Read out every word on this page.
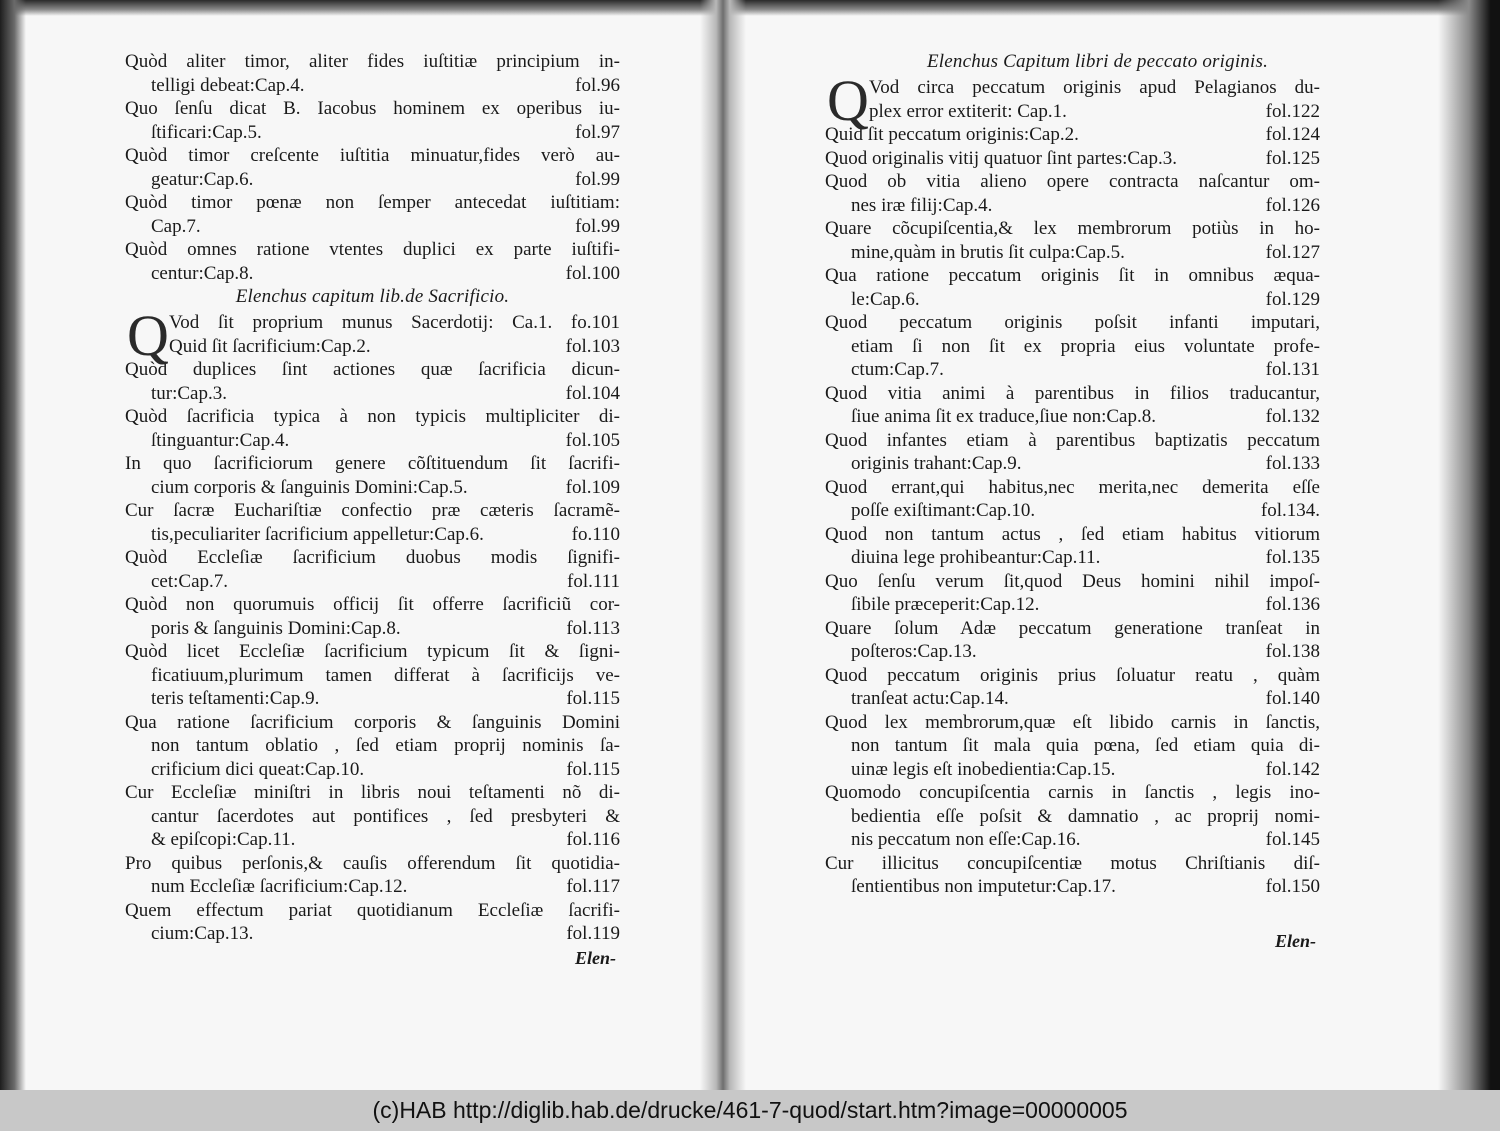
Quòd aliter timor, aliter fides iuſtitiæ principium in-
telligi debeat:Cap.4.	fol.96
Quo ſenſu dicat B. Iacobus hominem ex operibus iu-
ſtificari:Cap.5.	fol.97
Quòd timor creſcente iuſtitia minuatur,fides verò au-
geatur:Cap.6.	fol.99
Quòd timor pœnæ non ſemper antecedat iuſtitiam:
Cap.7.	fol.99
Quòd omnes ratione vtentes duplici ex parte iuſtifi-
centur:Cap.8.	fol.100
Elenchus capitum lib.de Sacrificio.
Q Vod ſit proprium munus Sacerdotij: Ca.1. fo.101
Quid ſit ſacrificium:Cap.2.	fol.103
Quòd duplices ſint actiones quæ ſacrificia dicun-
tur:Cap.3.	fol.104
Quòd ſacrificia typica à non typicis multipliciter di-
ſtinguantur:Cap.4.	fol.105
In quo ſacrificiorum genere cõſtituendum ſit ſacrifi-
cium corporis & ſanguinis Domini:Cap.5.	fol.109
Cur ſacræ Euchariſtiæ confectio præ cæteris ſacramẽ-
tis,peculiariter ſacrificium appelletur:Cap.6.	fo.110
Quòd Eccleſiæ ſacrificium duobus modis ſignifi-
cet:Cap.7.	fol.111
Quòd non quorumuis officij ſit offerre ſacrificiũ cor-
poris & ſanguinis Domini:Cap.8.	fol.113
Quòd licet Eccleſiæ ſacrificium typicum ſit & ſigni-
ficatiuum,plurimum tamen differat à ſacrificijs ve-
teris teſtamenti:Cap.9.	fol.115
Qua ratione ſacrificium corporis & ſanguinis Domini
non tantum oblatio , ſed etiam proprij nominis ſa-
crificium dici queat:Cap.10.	fol.115
Cur Eccleſiæ miniſtri in libris noui teſtamenti nõ di-
cantur ſacerdotes aut pontifices , ſed presbyteri &
& epiſcopi:Cap.11.	fol.116
Pro quibus perſonis,& cauſis offerendum ſit quotidia-
num Eccleſiæ ſacrificium:Cap.12.	fol.117
Quem effectum pariat quotidianum Eccleſiæ ſacrifi-
cium:Cap.13.	fol.119
Elen-
Elenchus Capitum libri de peccato originis.
Q Vod circa peccatum originis apud Pelagianos du-
plex error extiterit: Cap.1.	fol.122
Quid ſit peccatum originis:Cap.2.	fol.124
Quod originalis vitij quatuor ſint partes:Cap.3.	fol.125
Quod ob vitia alieno opere contracta naſcantur om-
nes iræ filij:Cap.4.	fol.126
Quare cõcupiſcentia,& lex membrorum potiùs in ho-
mine,quàm in brutis ſit culpa:Cap.5.	fol.127
Qua ratione peccatum originis ſit in omnibus æqua-
le:Cap.6.	fol.129
Quod peccatum originis poſsit infanti imputari,
etiam ſi non ſit ex propria eius voluntate profe-
ctum:Cap.7.	fol.131
Quod vitia animi à parentibus in filios traducantur,
ſiue anima ſit ex traduce,ſiue non:Cap.8.	fol.132
Quod infantes etiam à parentibus baptizatis peccatum
originis trahant:Cap.9.	fol.133
Quod errant,qui habitus,nec merita,nec demerita eſſe
poſſe exiſtimant:Cap.10.	fol.134.
Quod non tantum actus , ſed etiam habitus vitiorum
diuina lege prohibeantur:Cap.11.	fol.135
Quo ſenſu verum ſit,quod Deus homini nihil impoſ-
ſibile præceperit:Cap.12.	fol.136
Quare ſolum Adæ peccatum generatione tranſeat in
poſteros:Cap.13.	fol.138
Quod peccatum originis prius ſoluatur reatu , quàm
tranſeat actu:Cap.14.	fol.140
Quod lex membrorum,quæ eſt libido carnis in ſanctis,
non tantum ſit mala quia pœna, ſed etiam quia di-
uinæ legis eſt inobedientia:Cap.15.	fol.142
Quomodo concupiſcentia carnis in ſanctis , legis ino-
bedientia eſſe poſsit & damnatio , ac proprij nomi-
nis peccatum non eſſe:Cap.16.	fol.145
Cur illicitus concupiſcentiæ motus Chriſtianis diſ-
ſentientibus non imputetur:Cap.17.	fol.150
Elen-
(c)HAB http://diglib.hab.de/drucke/461-7-quod/start.htm?image=00000005
